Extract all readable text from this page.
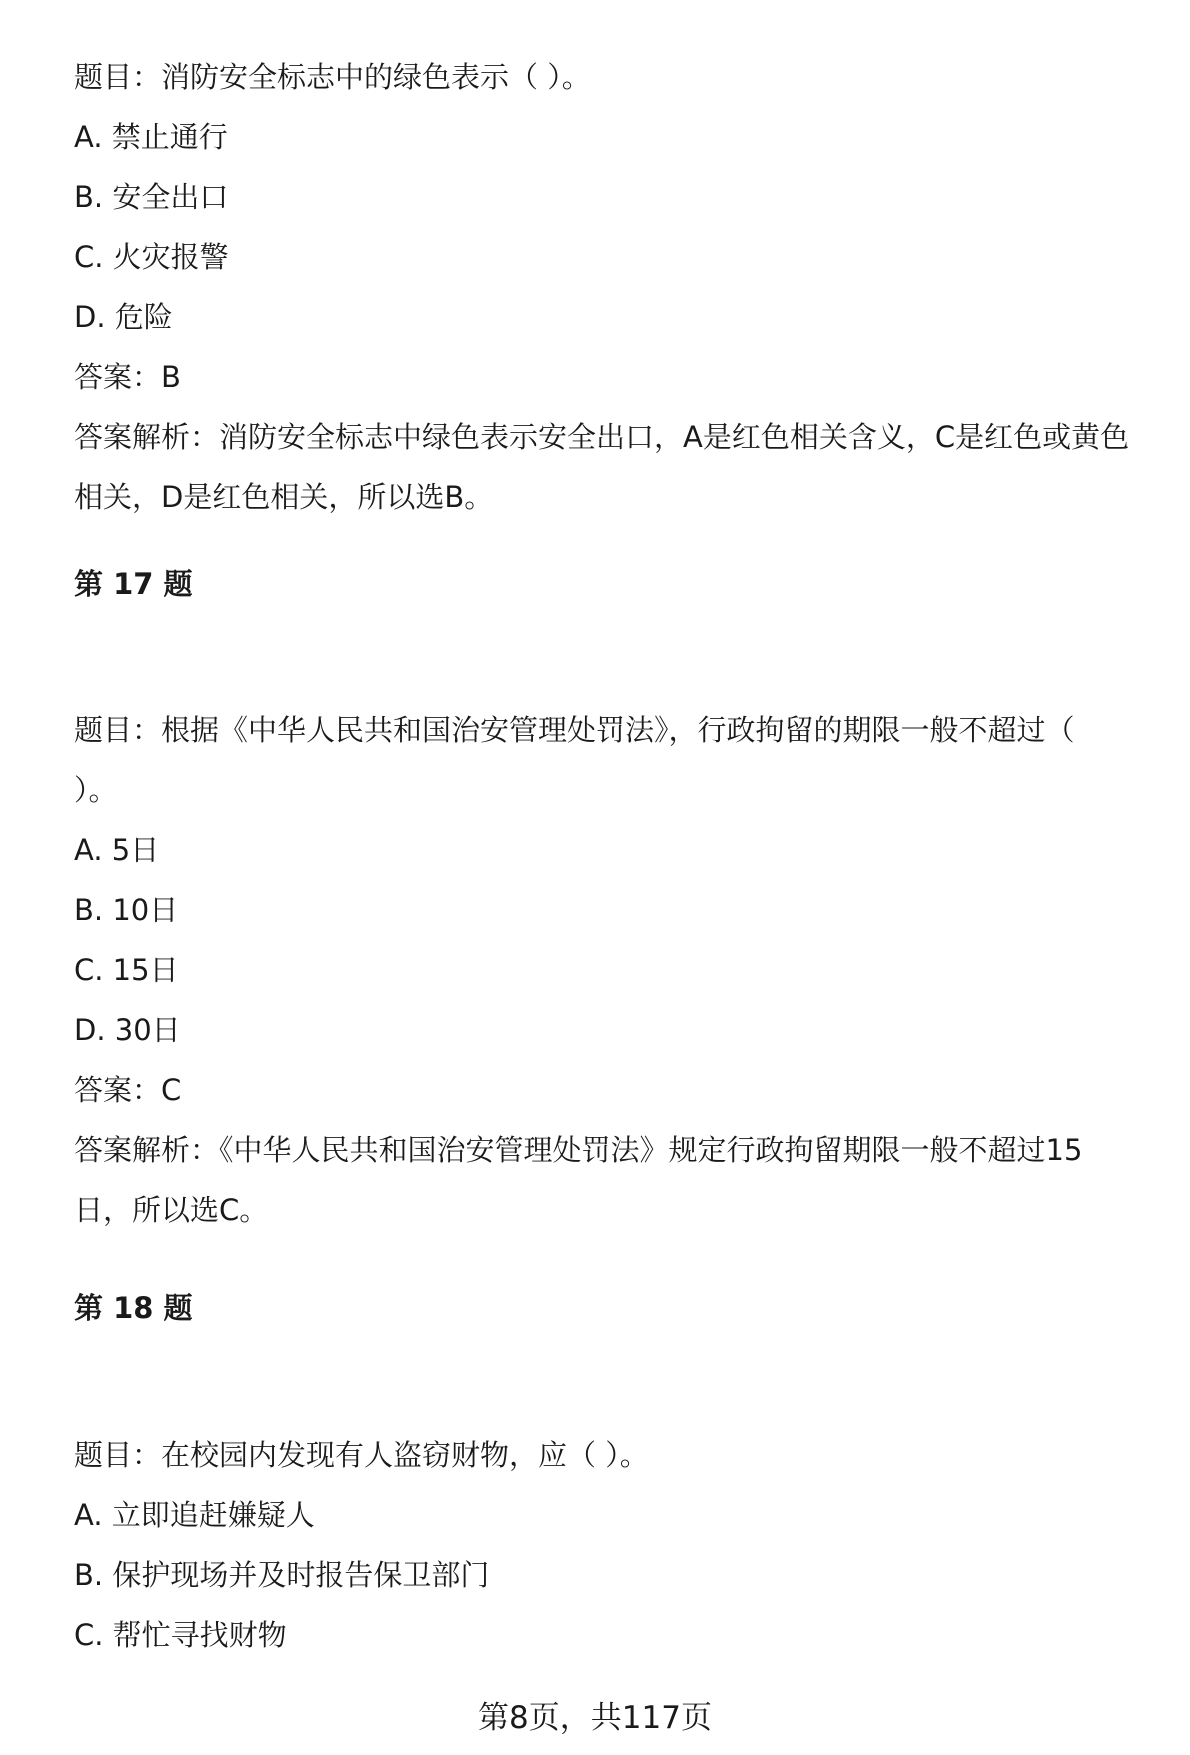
题目：消防安全标志中的绿色表示（ ）。

A. 禁止通行

B. 安全出口

C. 火灾报警

D. 危险

答案：B

答案解析：消防安全标志中绿色表示安全出口，A是红色相关含义，C是红色或黄色

相关，D是红色相关，所以选B。

第 17 题

题目：根据《中华人民共和国治安管理处罚法》，行政拘留的期限一般不超过（

）。

A. 5日

B. 10日

C. 15日

D. 30日

答案：C

答案解析：《中华人民共和国治安管理处罚法》规定行政拘留期限一般不超过15

日，所以选C。

第 18 题

题目：在校园内发现有人盗窃财物，应（ ）。

A. 立即追赶嫌疑人

B. 保护现场并及时报告保卫部门

C. 帮忙寻找财物

第8页，共117页
